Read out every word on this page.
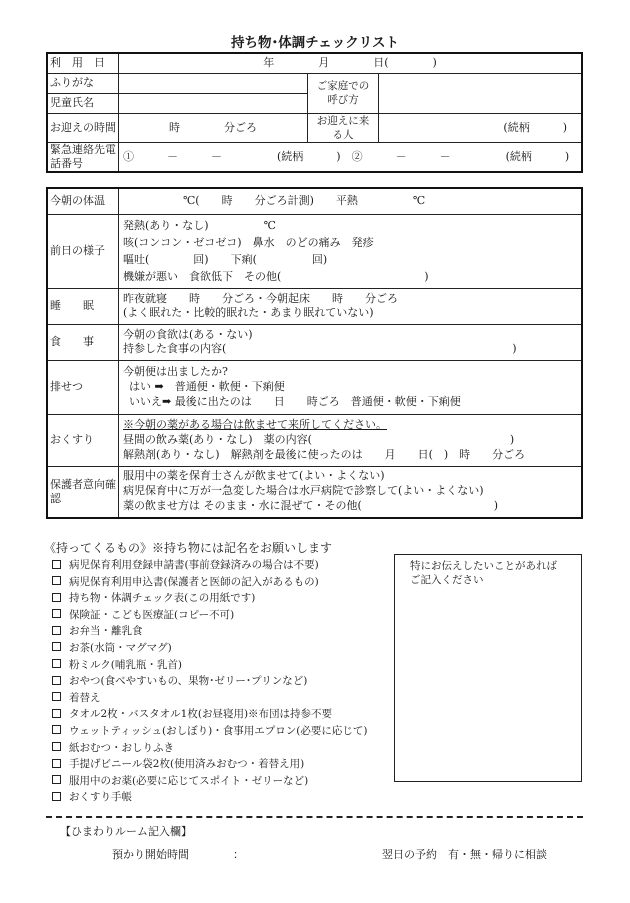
持ち物･体調チェックリスト
利　用　日	年　　　　月　　　　日(　　　　)		
ふりがな		ご家庭での呼び方	
児童氏名			
お迎えの時間	時　　　　分ごろ	お迎えに来る人	(続柄　　　)
緊急連絡先電話番号	①　　　－　　　－　　　　　(続柄　　　)　②　　　－　　　－　　　　　(続柄　　　)		
今朝の体温	℃(　　時　　分ごろ計測)　　平熱　　　　　℃
前日の様子	発熱(あり・なし)　　　　　℃
咳(コンコン・ゼコゼコ)　鼻水　のどの痛み　発疹
嘔吐(　　　　回)　　下痢(　　　　　回)
機嫌が悪い　食欲低下　その他(　　　　　　　　　　　　　)

睡　　眠	昨夜就寝　　時　　分ごろ・今朝起床　　時　　分ごろ
(よく眠れた・比較的眠れた・あまり眠れていない)

食　　事	今朝の食欲は(ある・ない)
持参した食事の内容(　　　　　　　　　　　　　　　　　　　　　　　　　　)

排せつ	今朝便は出ましたか?
はい ➡　普通便・軟便・下痢便
いいえ➡ 最後に出たのは　　日　　時ごろ　普通便・軟便・下痢便

おくすり	※今朝の薬がある場合は飲ませて来所してください。
昼間の飲み薬(あり・なし)　薬の内容(　　　　　　　　　　　　　　　　　　)
解熱剤(あり・なし)　解熱剤を最後に使ったのは　　月　　日(　)　時　　分ごろ

保護者意向確認	服用中の薬を保育士さんが飲ませて(よい・よくない)
病児保育中に万が一急変した場合は水戸病院で診察して(よい・よくない)
薬の飲ませ方は そのまま・水に混ぜて・その他(　　　　　　　　　　　　)
《持ってくるもの》※持ち物には記名をお願いします
病児保育利用登録申請書(事前登録済みの場合は不要)
病児保育利用申込書(保護者と医師の記入があるもの)
持ち物・体調チェック表(この用紙です)
保険証・こども医療証(コピー不可)
お弁当・離乳食
お茶(水筒・マグマグ)
粉ミルク(哺乳瓶・乳首)
おやつ(食べやすいもの、果物･ゼリー･プリンなど)
着替え
タオル2枚・バスタオル1枚(お昼寝用)※布団は持参不要
ウェットティッシュ(おしぼり)・食事用エプロン(必要に応じて)
紙おむつ・おしりふき
手提げビニール袋2枚(使用済みおむつ・着替え用)
服用中のお薬(必要に応じてスポイト・ゼリーなど)
おくすり手帳
特にお伝えしたいことがあれば
ご記入ください
【ひまわりルーム記入欄】
預かり開始時間　　　　：	翌日の予約　有・無・帰りに相談
